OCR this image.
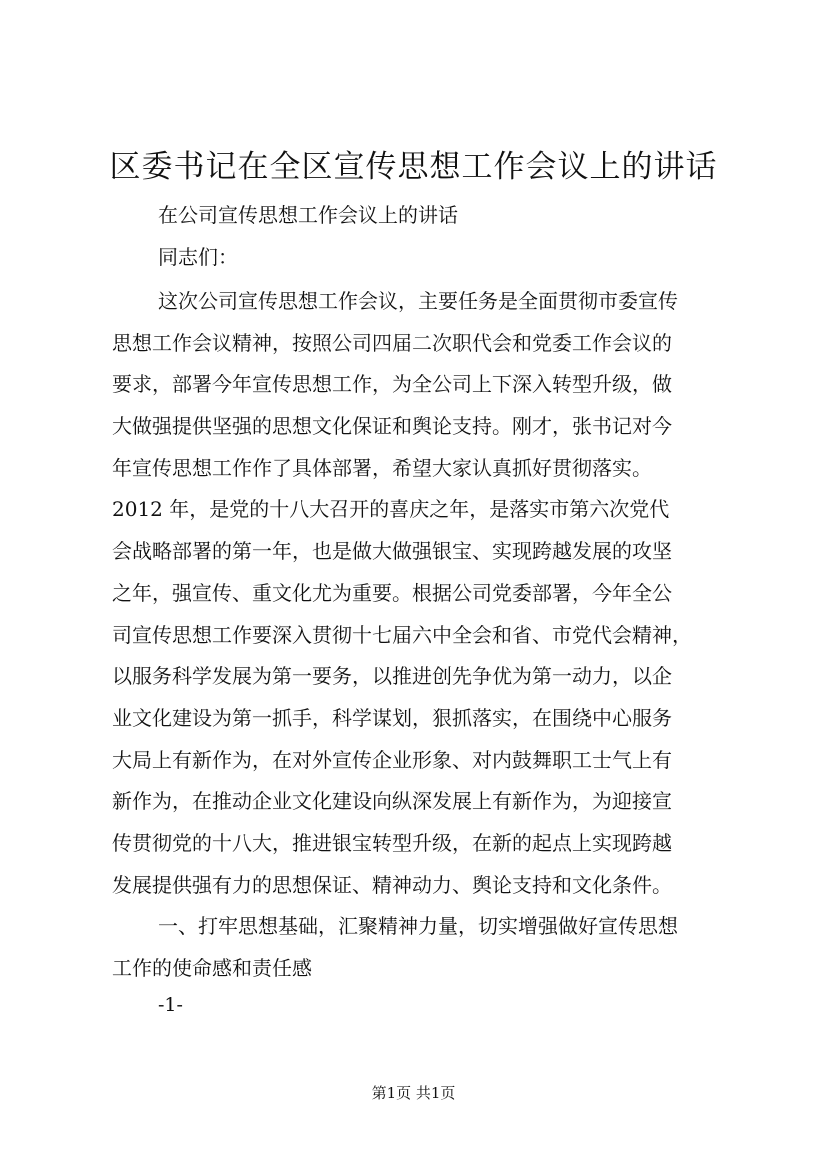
区委书记在全区宣传思想工作会议上的讲话
在公司宣传思想工作会议上的讲话
同志们：
这次公司宣传思想工作会议，主要任务是全面贯彻市委宣传
思想工作会议精神，按照公司四届二次职代会和党委工作会议的
要求，部署今年宣传思想工作，为全公司上下深入转型升级，做
大做强提供坚强的思想文化保证和舆论支持。刚才，张书记对今
年宣传思想工作作了具体部署，希望大家认真抓好贯彻落实。
2012 年，是党的十八大召开的喜庆之年，是落实市第六次党代
会战略部署的第一年，也是做大做强银宝、实现跨越发展的攻坚
之年，强宣传、重文化尤为重要。根据公司党委部署，今年全公
司宣传思想工作要深入贯彻十七届六中全会和省、市党代会精神，
以服务科学发展为第一要务，以推进创先争优为第一动力，以企
业文化建设为第一抓手，科学谋划，狠抓落实，在围绕中心服务
大局上有新作为，在对外宣传企业形象、对内鼓舞职工士气上有
新作为，在推动企业文化建设向纵深发展上有新作为，为迎接宣
传贯彻党的十八大，推进银宝转型升级，在新的起点上实现跨越
发展提供强有力的思想保证、精神动力、舆论支持和文化条件。
一、打牢思想基础，汇聚精神力量，切实增强做好宣传思想
工作的使命感和责任感
-1-
第1页 共1页
